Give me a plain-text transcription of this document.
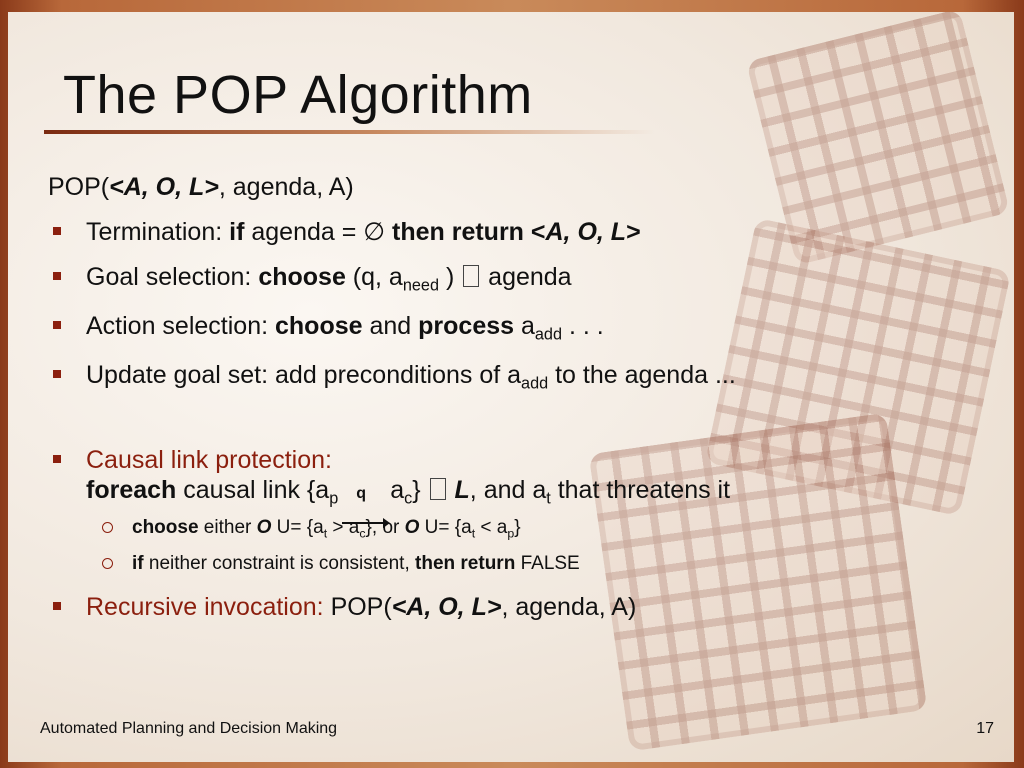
The POP Algorithm
POP(<A, O, L>, agenda, A)
Termination: if agenda = ∅ then return <A, O, L>
Goal selection: choose (q, $a_{need}$ )  agenda
Action selection: choose and process $a_{add}$ . . .
Update goal set: add preconditions of $a_{add}$ to the agenda ...
Causal link protection:
foreach causal link {$a_p$ q $a_c$}  L, and $a_t$ that threatens it
choose either O $U= \{a_t > a_c\}$, or O $U= \{a_t < a_p\}$
if neither constraint is consistent, then return FALSE
Recursive invocation: POP(<A, O, L>, agenda, A)
Automated Planning and Decision Making	17
